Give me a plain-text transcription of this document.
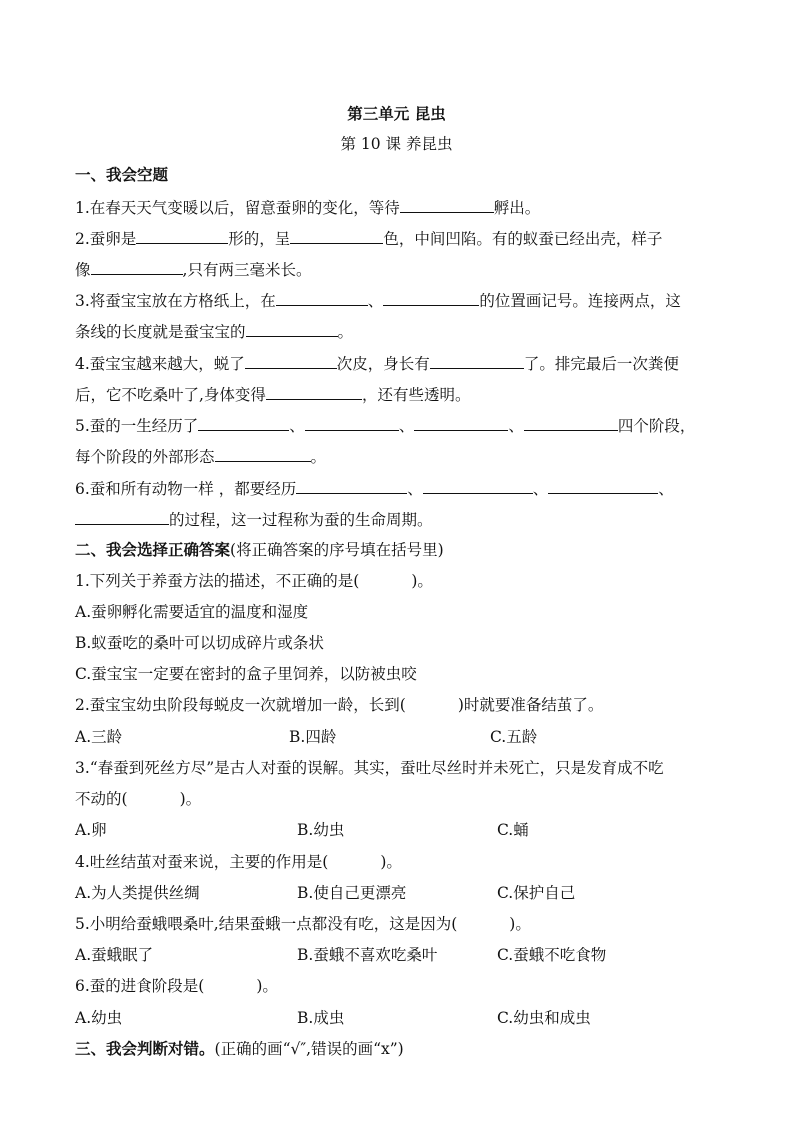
第三单元 昆虫
第 10 课 养昆虫
一、我会空题
1.在春天天气变暖以后，留意蚕卵的变化，等待	孵出。
2.蚕卵是	形的，呈	色，中间凹陷。有的蚁蚕已经出壳，样子
像	,只有两三毫米长。
3.将蚕宝宝放在方格纸上，在	、	的位置画记号。连接两点，这
条线的长度就是蚕宝宝的	。
4.蚕宝宝越来越大，蜕了	次皮，身长有	了。排完最后一次粪便
后，它不吃桑叶了,身体变得	，还有些透明。
5.蚕的一生经历了	、	、	、	四个阶段，
每个阶段的外部形态	。
6.蚕和所有动物一样 ，都要经历	、	、	、
的过程，这一过程称为蚕的生命周期。
二、我会选择正确答案(将正确答案的序号填在括号里)
1.下列关于养蚕方法的描述，不正确的是(	)。
A.蚕卵孵化需要适宜的温度和湿度
B.蚁蚕吃的桑叶可以切成碎片或条状
C.蚕宝宝一定要在密封的盒子里饲养，以防被虫咬
2.蚕宝宝幼虫阶段每蜕皮一次就增加一龄，长到(	)时就要准备结茧了。
A.三龄	B.四龄	C.五龄
3.“春蚕到死丝方尽”是古人对蚕的误解。其实，蚕吐尽丝时并未死亡，只是发育成不吃
不动的(	)。
A.卵	B.幼虫	C.蛹
4.吐丝结茧对蚕来说，主要的作用是(	)。
A.为人类提供丝绸	B.使自己更漂亮	C.保护自己
5.小明给蚕蛾喂桑叶,结果蚕蛾一点都没有吃，这是因为(	)。
A.蚕蛾眠了	B.蚕蛾不喜欢吃桑叶	C.蚕蛾不吃食物
6.蚕的进食阶段是(	)。
A.幼虫	B.成虫	C.幼虫和成虫
三、我会判断对错。(正确的画“√″,错误的画“x”)
